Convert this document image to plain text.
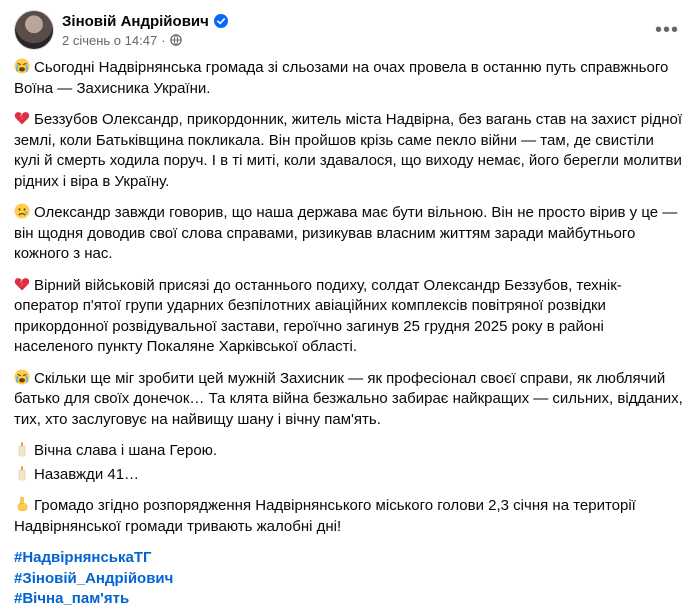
Зіновій Андрійович
2 січень о 14:47 ·	•••
Сьогодні Надвірнянська громада зі сльозами на очах провела в останню путь справжнього Воїна — Захисника України.
Беззубов Олександр, прикордонник, житель міста Надвірна, без вагань став на захист рідної землі, коли Батьківщина покликала. Він пройшов крізь саме пекло війни — там, де свистіли кулі й смерть ходила поруч. І в ті миті, коли здавалося, що виходу немає, його берегли молитви рідних і віра в Україну.
Олександр завжди говорив, що наша держава має бути вільною. Він не просто вірив у це — він щодня доводив свої слова справами, ризикував власним життям заради майбутнього кожного з нас.
Вірний військовій присязі до останнього подиху, солдат Олександр Беззубов, технік-оператор п'ятої групи ударних безпілотних авіаційних комплексів повітряної розвідки прикордонної розвідувальної застави, героїчно загинув 25 грудня 2025 року в районі населеного пункту Покаляне Харківської області.
Скільки ще міг зробити цей мужній Захисник — як професіонал своєї справи, як люблячий батько для своїх донечок… Та клята війна безжально забирає найкращих — сильних, відданих, тих, хто заслуговує на найвищу шану і вічну пам'ять.
Вічна слава і шана Герою.
Назавжди 41…
Громадо згідно розпорядження Надвірнянського міського голови 2,3 січня на території Надвірнянської громади тривають жалобні дні!
#НадвірнянськаТГ
#Зіновій_Андрійович
#Вічна_пам'ять
